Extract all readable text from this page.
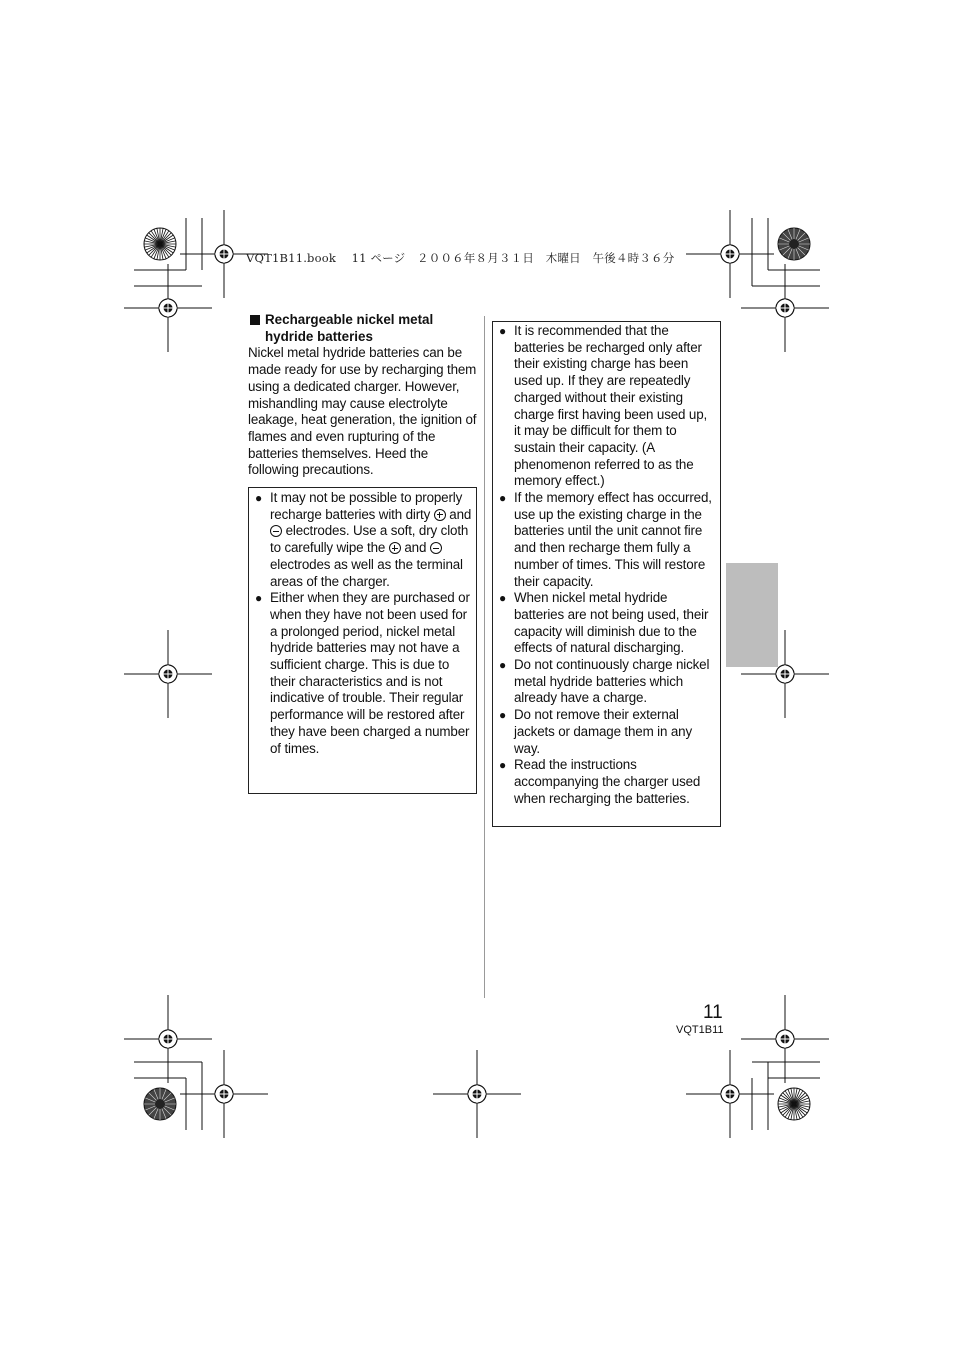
VQT1B11.book　 11 ページ　２００６年８月３１日　木曜日　午後４時３６分
Rechargeable nickel metal hydride batteries
Nickel metal hydride batteries can be made ready for use by recharging them using a dedicated charger. However, mishandling may cause electrolyte leakage, heat generation, the ignition of flames and even rupturing of the batteries themselves. Heed the following precautions.
● It may not be possible to properly recharge batteries with dirty and  electrodes. Use a soft, dry cloth to carefully wipe the and  electrodes as well as the terminal areas of the charger.
● Either when they are purchased or when they have not been used for a prolonged period, nickel metal hydride batteries may not have a sufficient charge. This is due to their characteristics and is not indicative of trouble. Their regular performance will be restored after they have been charged a number of times.
● It is recommended that the batteries be recharged only after their existing charge has been used up. If they are repeatedly charged without their existing charge first having been used up, it may be difficult for them to sustain their capacity. (A phenomenon referred to as the memory effect.)
● If the memory effect has occurred, use up the existing charge in the batteries until the unit cannot fire and then recharge them fully a number of times. This will restore their capacity.
● When nickel metal hydride batteries are not being used, their capacity will diminish due to the effects of natural discharging.
● Do not continuously charge nickel metal hydride batteries which already have a charge.
● Do not remove their external jackets or damage them in any way.
● Read the instructions accompanying the charger used when recharging the batteries.
11
VQT1B11
